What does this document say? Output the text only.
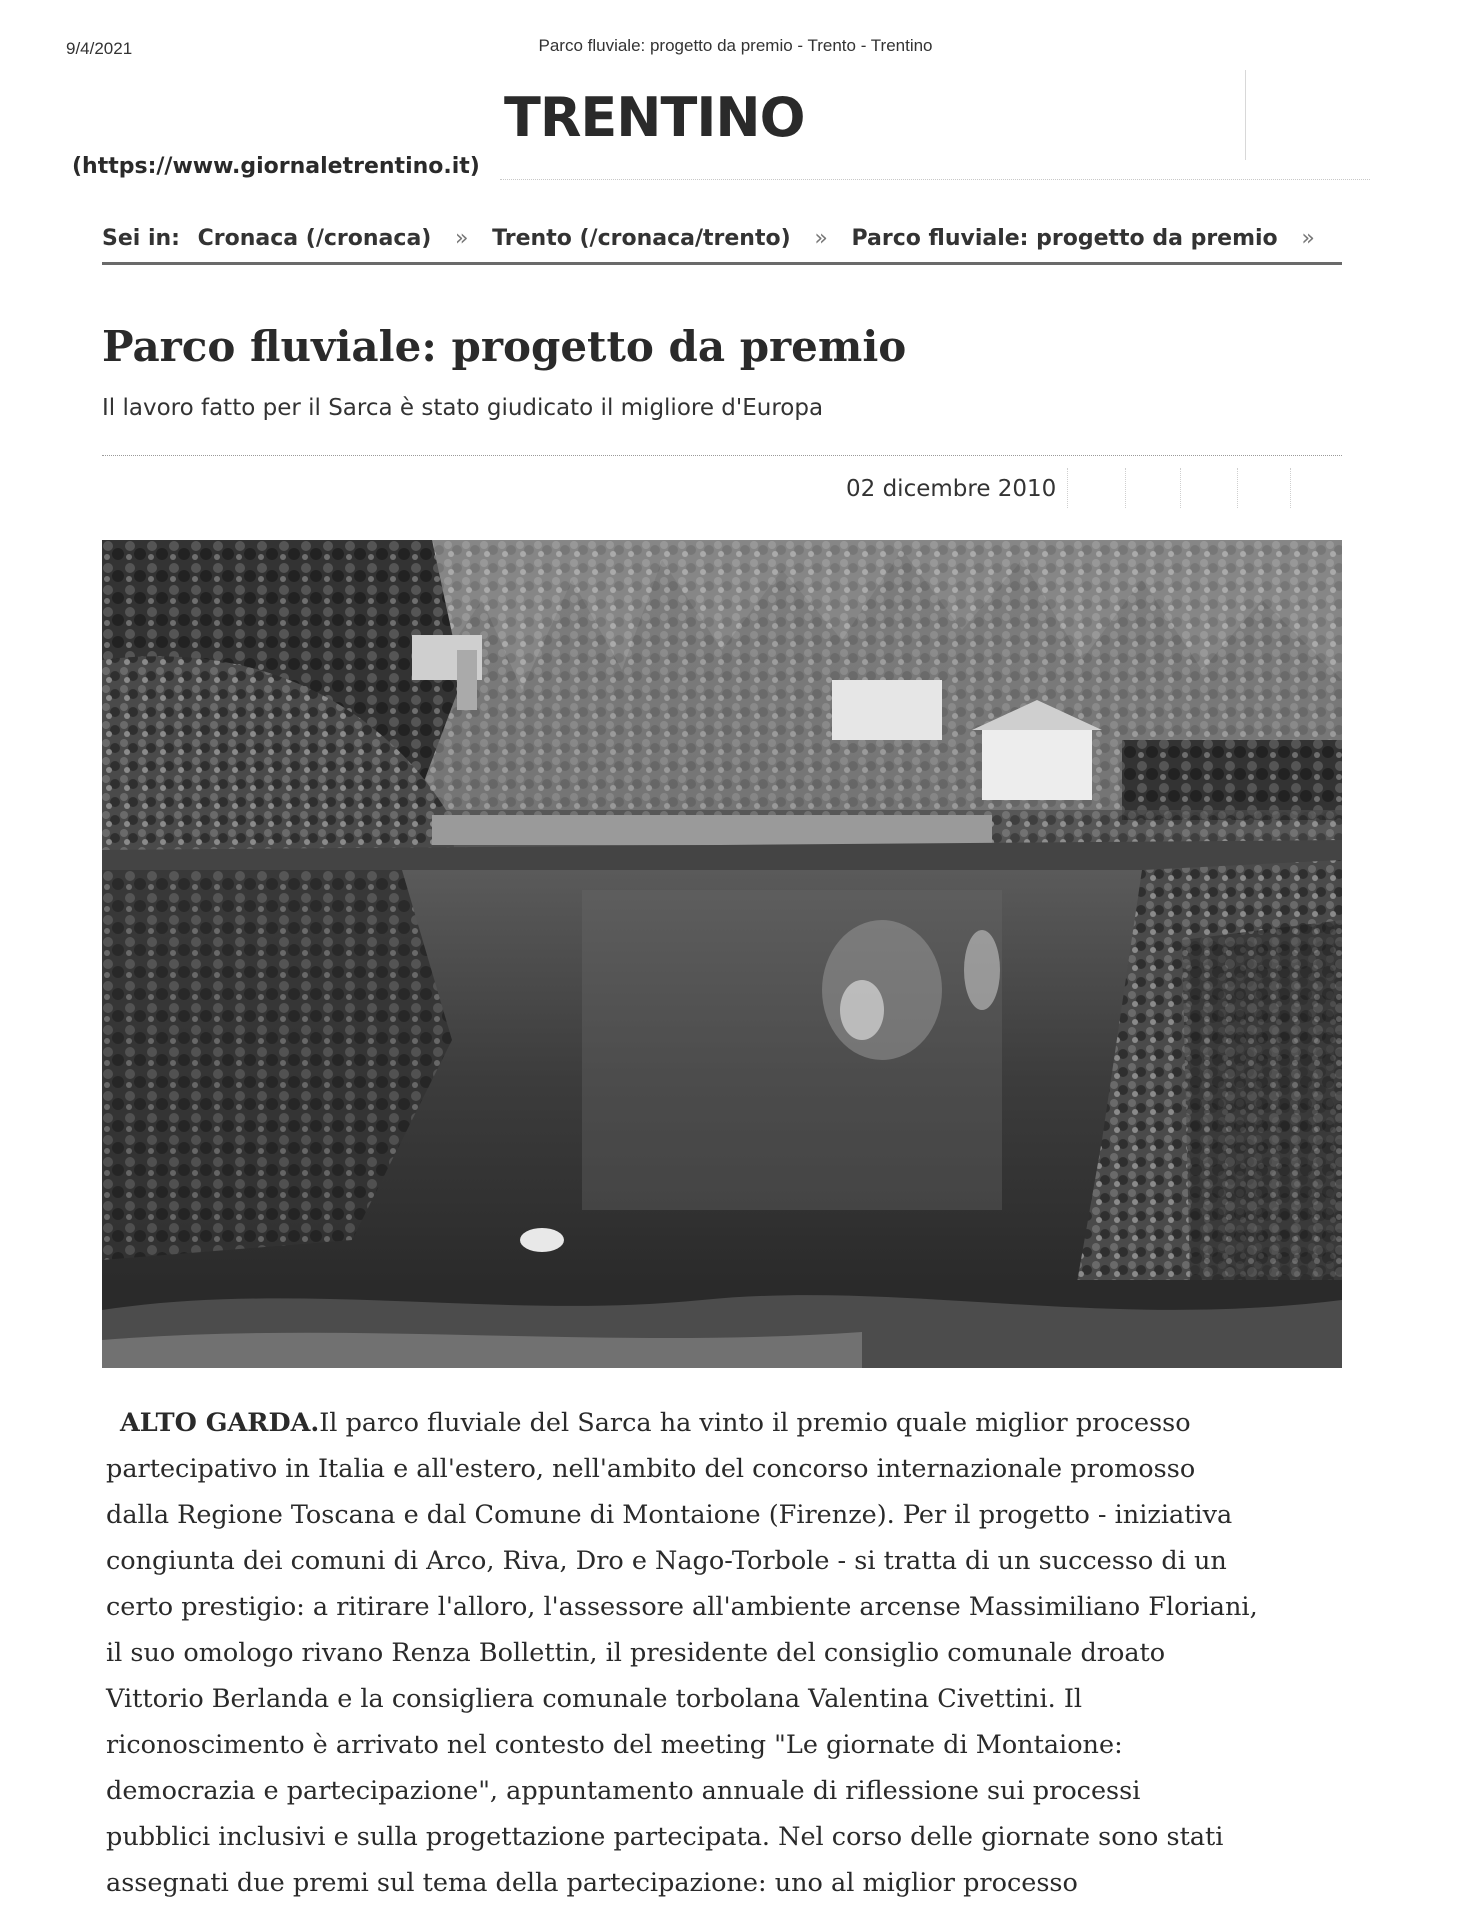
9/4/2021	Parco fluviale: progetto da premio - Trento - Trentino
TRENTINO
(https://www.giornaletrentino.it)
Sei in: Cronaca (/cronaca) » Trento (/cronaca/trento) » Parco fluviale: progetto da premio »
Parco fluviale: progetto da premio
Il lavoro fatto per il Sarca è stato giudicato il migliore d'Europa
02 dicembre 2010
ALTO GARDA.Il parco fluviale del Sarca ha vinto il premio quale miglior processo
partecipativo in Italia e all'estero, nell'ambito del concorso internazionale promosso
dalla Regione Toscana e dal Comune di Montaione (Firenze). Per il progetto - iniziativa
congiunta dei comuni di Arco, Riva, Dro e Nago-Torbole - si tratta di un successo di un
certo prestigio: a ritirare l'alloro, l'assessore all'ambiente arcense Massimiliano Floriani,
il suo omologo rivano Renza Bollettin, il presidente del consiglio comunale droato
Vittorio Berlanda e la consigliera comunale torbolana Valentina Civettini. Il
riconoscimento è arrivato nel contesto del meeting "Le giornate di Montaione:
democrazia e partecipazione", appuntamento annuale di riflessione sui processi
pubblici inclusivi e sulla progettazione partecipata. Nel corso delle giornate sono stati
assegnati due premi sul tema della partecipazione: uno al miglior processo
